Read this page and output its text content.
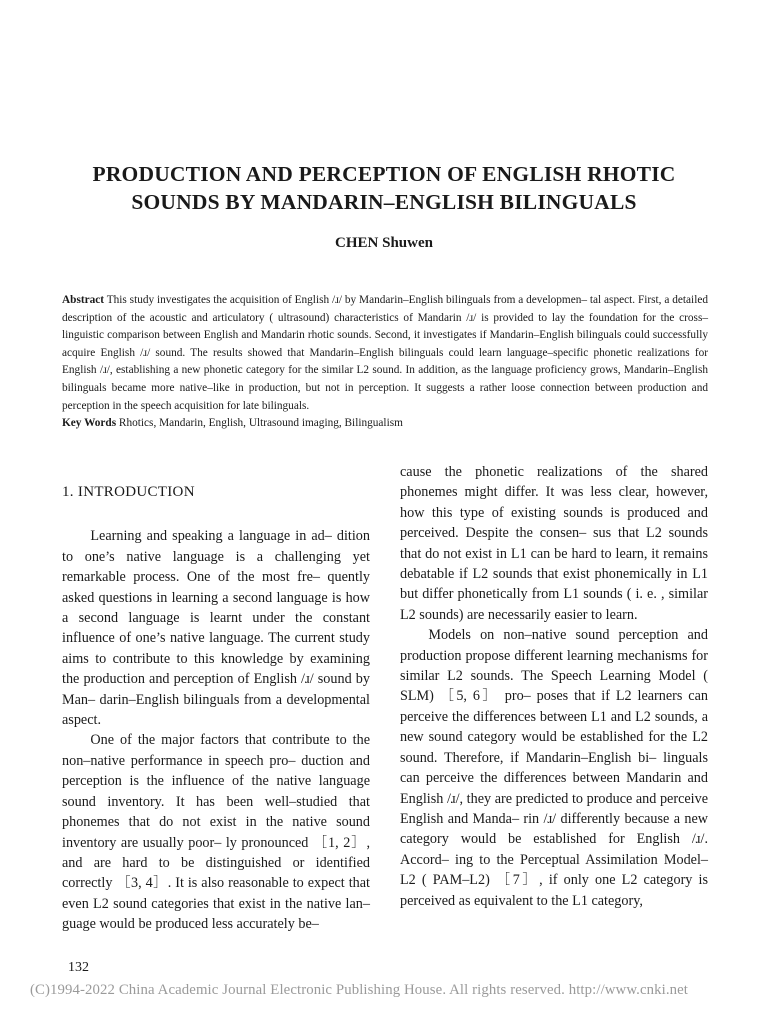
PRODUCTION AND PERCEPTION OF ENGLISH RHOTIC
SOUNDS BY MANDARIN–ENGLISH BILINGUALS
CHEN Shuwen

Abstract This study investigates the acquisition of English /ɹ/ by Mandarin–English bilinguals from a developmen– tal aspect. First, a detailed description of the acoustic and articulatory ( ultrasound) characteristics of Mandarin /ɹ/ is provided to lay the foundation for the cross–linguistic comparison between English and Mandarin rhotic sounds. Second, it investigates if Mandarin–English bilinguals could successfully acquire English /ɹ/ sound. The results showed that Mandarin–English bilinguals could learn language–specific phonetic realizations for English /ɹ/, establishing a new phonetic category for the similar L2 sound. In addition, as the language proficiency grows, Mandarin–English bilinguals became more native–like in production, but not in perception. It suggests a rather loose connection between production and perception in the speech acquisition for late bilinguals.

Key Words Rhotics, Mandarin, English, Ultrasound imaging, Bilingualism

1. INTRODUCTION

Learning and speaking a language in ad– dition to one’s native language is a challenging yet remarkable process. One of the most fre– quently asked questions in learning a second language is how a second language is learnt under the constant influence of one’s native language. The current study aims to contribute to this knowledge by examining the production and perception of English /ɹ/ sound by Man– darin–English bilinguals from a developmental aspect.

One of the major factors that contribute to the non–native performance in speech pro– duction and perception is the influence of the native language sound inventory. It has been well–studied that phonemes that do not exist in the native sound inventory are usually poor– ly pronounced ［1, 2］, and are hard to be distinguished or identified correctly ［3, 4］. It is also reasonable to expect that even L2 sound categories that exist in the native lan– guage would be produced less accurately be–

cause the phonetic realizations of the shared phonemes might differ. It was less clear, however, how this type of existing sounds is produced and perceived. Despite the consen– sus that L2 sounds that do not exist in L1 can be hard to learn, it remains debatable if L2 sounds that exist phonemically in L1 but differ phonetically from L1 sounds ( i. e. , similar L2 sounds) are necessarily easier to learn.

Models on non–native sound perception and production propose different learning mechanisms for similar L2 sounds. The Speech Learning Model ( SLM) ［5, 6］ pro– poses that if L2 learners can perceive the differences between L1 and L2 sounds, a new sound category would be established for the L2 sound. Therefore, if Mandarin–English bi– linguals can perceive the differences between Mandarin and English /ɹ/, they are predicted to produce and perceive English and Manda– rin /ɹ/ differently because a new category would be established for English /ɹ/. Accord– ing to the Perceptual Assimilation Model–L2 ( PAM–L2) ［7］, if only one L2 category is perceived as equivalent to the L1 category,

132
(C)1994-2022 China Academic Journal Electronic Publishing House. All rights reserved. http://www.cnki.net
